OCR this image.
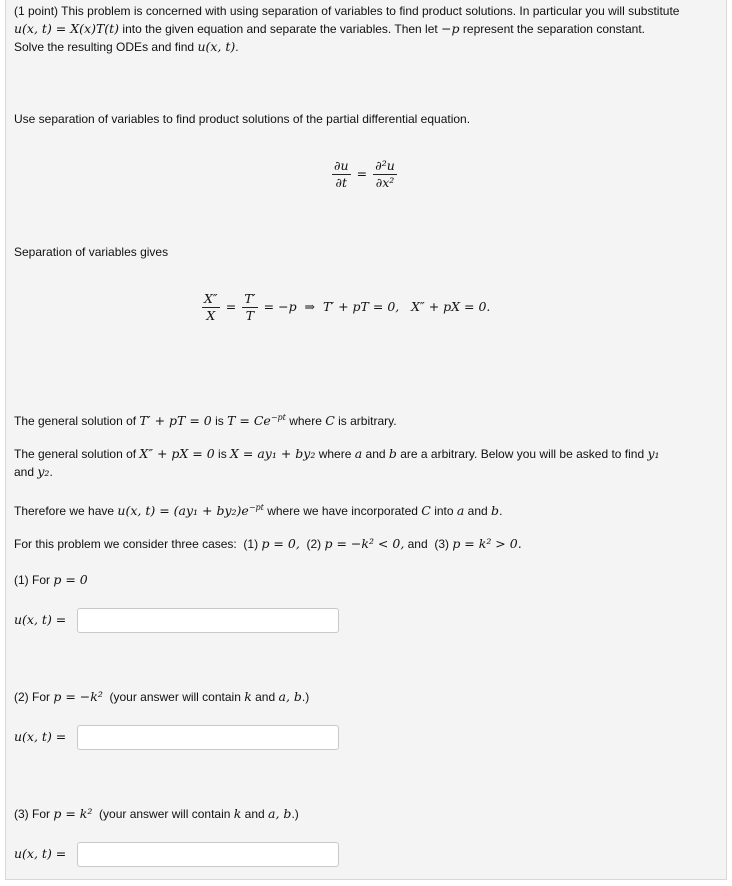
(1 point) This problem is concerned with using separation of variables to find product solutions. In particular you will substitute
u(x, t) = X(x)T(t) into the given equation and separate the variables. Then let −p represent the separation constant.
Solve the resulting ODEs and find u(x, t).
Use separation of variables to find product solutions of the partial differential equation.
$\frac{\partial u}{\partial t} = \frac{\text{∂²u}}{\text{∂x²}}$
Separation of variables gives
$\frac{X''}{X} = \frac{T'}{T} = -p$  ⇒  T′ + pT = 0,   X″ + pX = 0.
The general solution of T′ + pT = 0 is $T = Ce^{-pt}$ where C is arbitrary.
The general solution of X″ + pX = 0 is X = ay₁ + by₂ where a and b are a arbitrary. Below you will be asked to find y₁
and y₂.
Therefore we have u(x, $t) = (ay_1 + by_2)e^{-pt}$ where we have incorporated C into a and b.
For this problem we consider three cases:  (1) p = 0,  (2) p = −k² < 0, and  (3) p = k² > 0.
(1) For p = 0
u(x, t) =
(2) For p = −k²  (your answer will contain k and a, b.)
u(x, t) =
(3) For p = k²  (your answer will contain k and a, b.)
u(x, t) =
